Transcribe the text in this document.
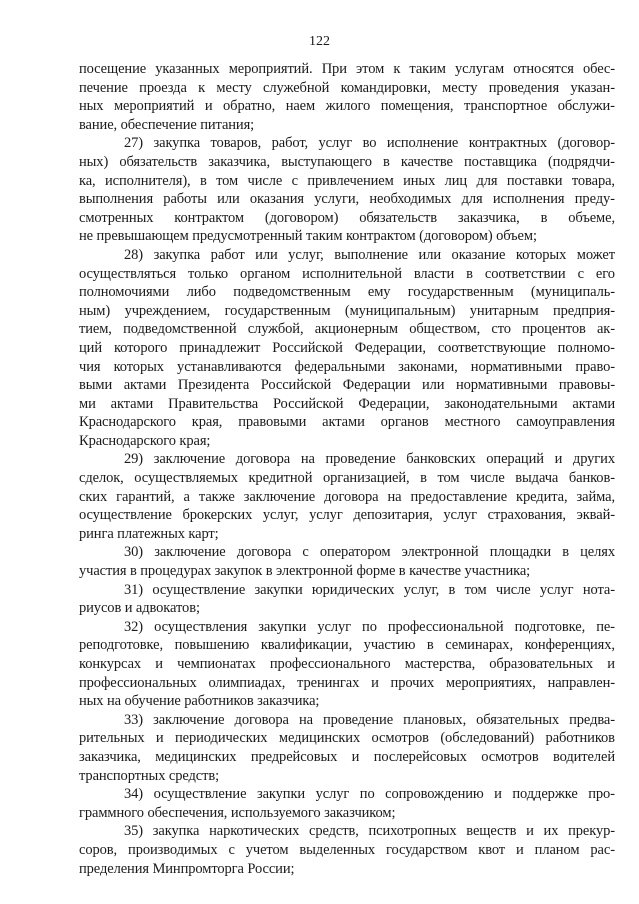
122
посещение указанных мероприятий. При этом к таким услугам относятся обес-
печение проезда к месту служебной командировки, месту проведения указан-
ных мероприятий и обратно, наем жилого помещения, транспортное обслужи-
вание, обеспечение питания;
27) закупка товаров, работ, услуг во исполнение контрактных (договор-
ных) обязательств заказчика, выступающего в качестве поставщика (подрядчи-
ка, исполнителя), в том числе с привлечением иных лиц для поставки товара,
выполнения работы или оказания услуги, необходимых для исполнения преду-
смотренных контрактом (договором) обязательств заказчика, в объеме,
не превышающем предусмотренный таким контрактом (договором) объем;
28) закупка работ или услуг, выполнение или оказание которых может
осуществляться только органом исполнительной власти в соответствии с его
полномочиями либо подведомственным ему государственным (муниципаль-
ным) учреждением, государственным (муниципальным) унитарным предприя-
тием, подведомственной службой, акционерным обществом, сто процентов ак-
ций которого принадлежит Российской Федерации, соответствующие полномо-
чия которых устанавливаются федеральными законами, нормативными право-
выми актами Президента Российской Федерации или нормативными правовы-
ми актами Правительства Российской Федерации, законодательными актами
Краснодарского края, правовыми актами органов местного самоуправления
Краснодарского края;
29) заключение договора на проведение банковских операций и других
сделок, осуществляемых кредитной организацией, в том числе выдача банков-
ских гарантий, а также заключение договора на предоставление кредита, займа,
осуществление брокерских услуг, услуг депозитария, услуг страхования, эквай-
ринга платежных карт;
30) заключение договора с оператором электронной площадки в целях
участия в процедурах закупок в электронной форме в качестве участника;
31) осуществление закупки юридических услуг, в том числе услуг нота-
риусов и адвокатов;
32) осуществления закупки услуг по профессиональной подготовке, пе-
реподготовке, повышению квалификации, участию в семинарах, конференциях,
конкурсах и чемпионатах профессионального мастерства, образовательных и
профессиональных олимпиадах, тренингах и прочих мероприятиях, направлен-
ных на обучение работников заказчика;
33) заключение договора на проведение плановых, обязательных предва-
рительных и периодических медицинских осмотров (обследований) работников
заказчика, медицинских предрейсовых и послерейсовых осмотров водителей
транспортных средств;
34) осуществление закупки услуг по сопровождению и поддержке про-
граммного обеспечения, используемого заказчиком;
35) закупка наркотических средств, психотропных веществ и их прекур-
соров, производимых с учетом выделенных государством квот и планом рас-
пределения Минпромторга России;
